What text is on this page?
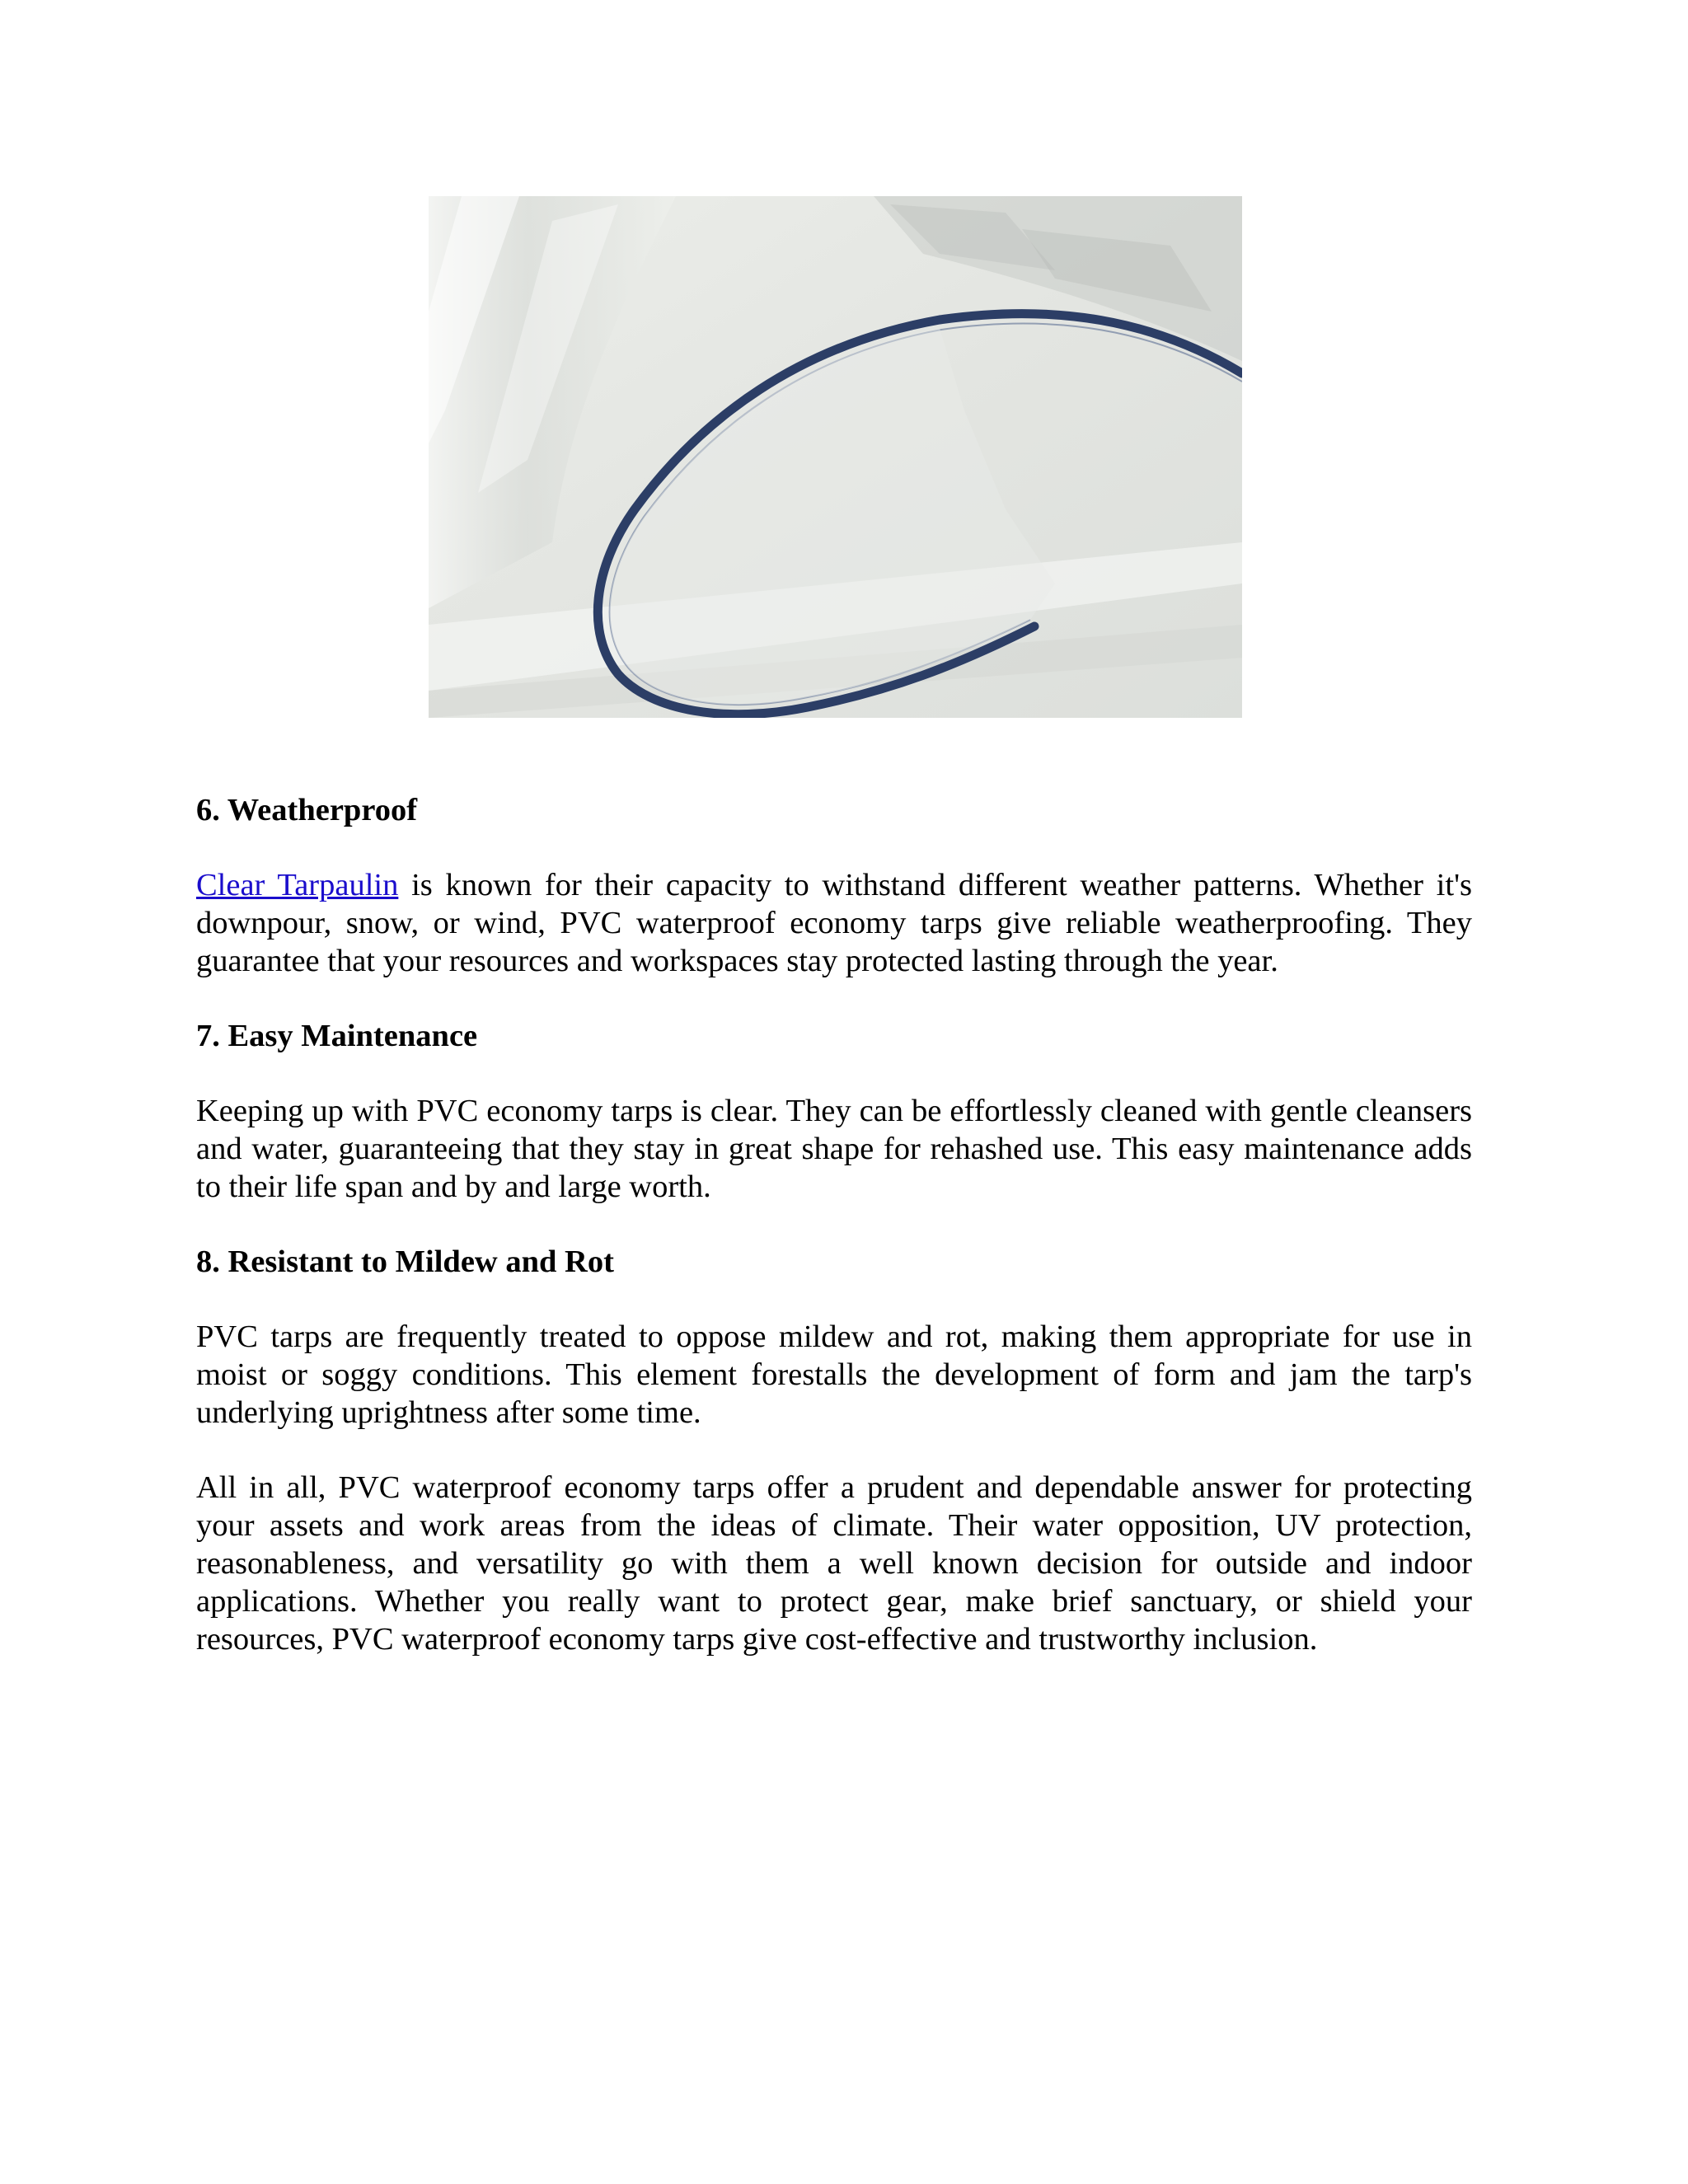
6. Weatherproof

Clear Tarpaulin is known for their capacity to withstand different weather patterns. Whether it's downpour, snow, or wind, PVC waterproof economy tarps give reliable weatherproofing. They guarantee that your resources and workspaces stay protected lasting through the year.

7. Easy Maintenance

Keeping up with PVC economy tarps is clear. They can be effortlessly cleaned with gentle cleansers and water, guaranteeing that they stay in great shape for rehashed use. This easy maintenance adds to their life span and by and large worth.

8. Resistant to Mildew and Rot

PVC tarps are frequently treated to oppose mildew and rot, making them appropriate for use in moist or soggy conditions. This element forestalls the development of form and jam the tarp's underlying uprightness after some time.

All in all, PVC waterproof economy tarps offer a prudent and dependable answer for protecting your assets and work areas from the ideas of climate. Their water opposition, UV protection, reasonableness, and versatility go with them a well known decision for outside and indoor applications. Whether you really want to protect gear, make brief sanctuary, or shield your resources, PVC waterproof economy tarps give cost-effective and trustworthy inclusion.
